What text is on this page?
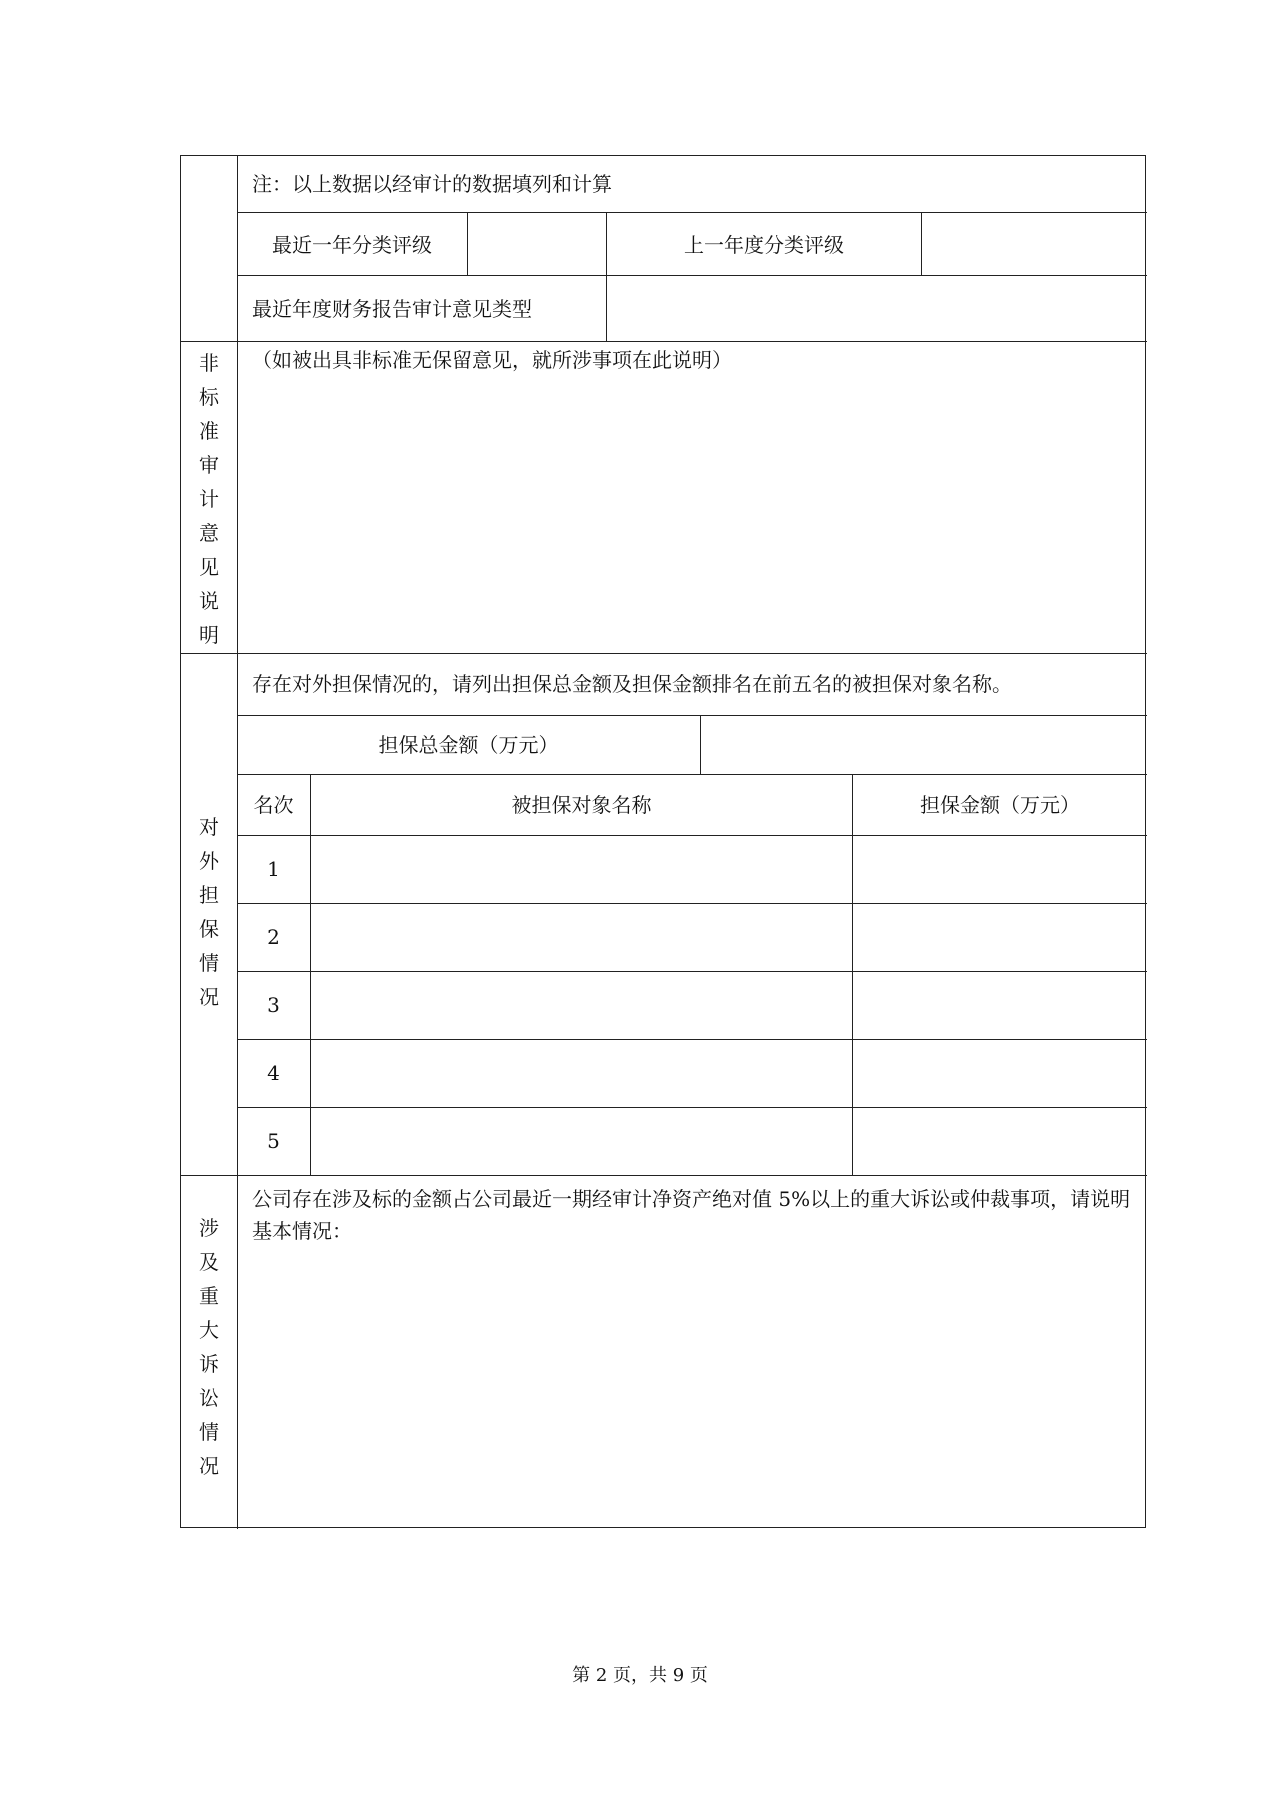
注：以上数据以经审计的数据填列和计算
最近一年分类评级	上一年度分类评级
最近年度财务报告审计意见类型
非
标
准
审
计
意
见
说
明
（如被出具非标准无保留意见，就所涉事项在此说明）
对
外
担
保
情
况
存在对外担保情况的，请列出担保总金额及担保金额排名在前五名的被担保对象名称。
担保总金额（万元）
名次	被担保对象名称	担保金额（万元）
1
2
3
4
5
涉
及
重
大
诉
讼
情
况
公司存在涉及标的金额占公司最近一期经审计净资产绝对值 5%以上的重大诉讼或仲裁事项，请说明基本情况：
第 2 页，共 9 页
